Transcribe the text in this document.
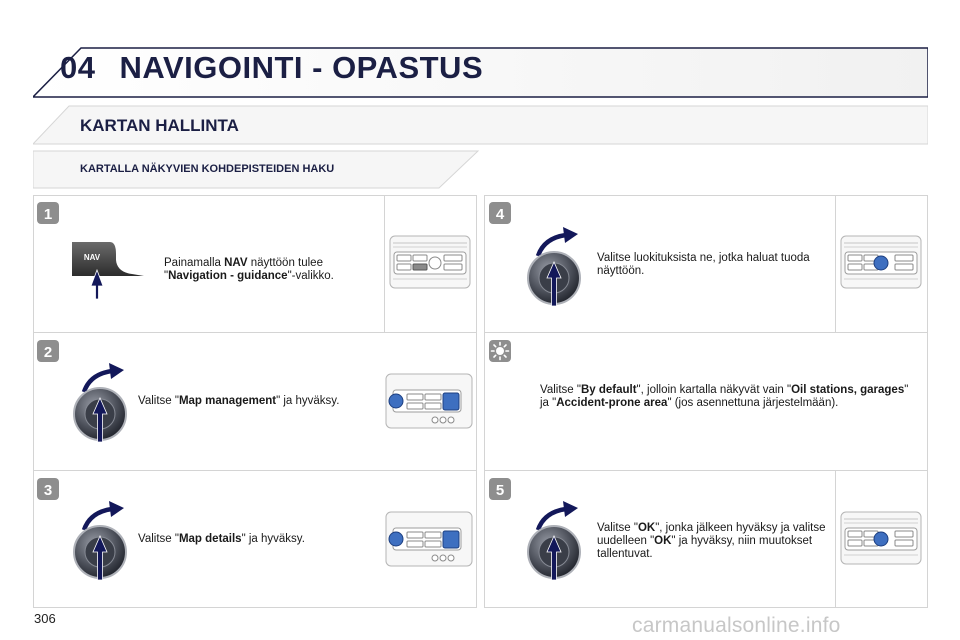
04 NAVIGOINTI - OPASTUS
KARTAN HALLINTA
KARTALLA NÄKYVIEN KOHDEPISTEIDEN HAKU
1
2
3
4
5
NAV	Painamalla NAV näyttöön tulee "Navigation - guidance"-valikko.
Valitse "Map management" ja hyväksy.
Valitse "Map details" ja hyväksy.
Valitse luokituksista ne, jotka haluat tuoda näyttöön.
Valitse "By default", jolloin kartalla näkyvät vain "Oil stations, garages" ja "Accident-prone area" (jos asennettuna järjestelmään).
Valitse "OK", jonka jälkeen hyväksy ja valitse uudelleen "OK" ja hyväksy, niin muutokset tallentuvat.
306	carmanualsonline.info
